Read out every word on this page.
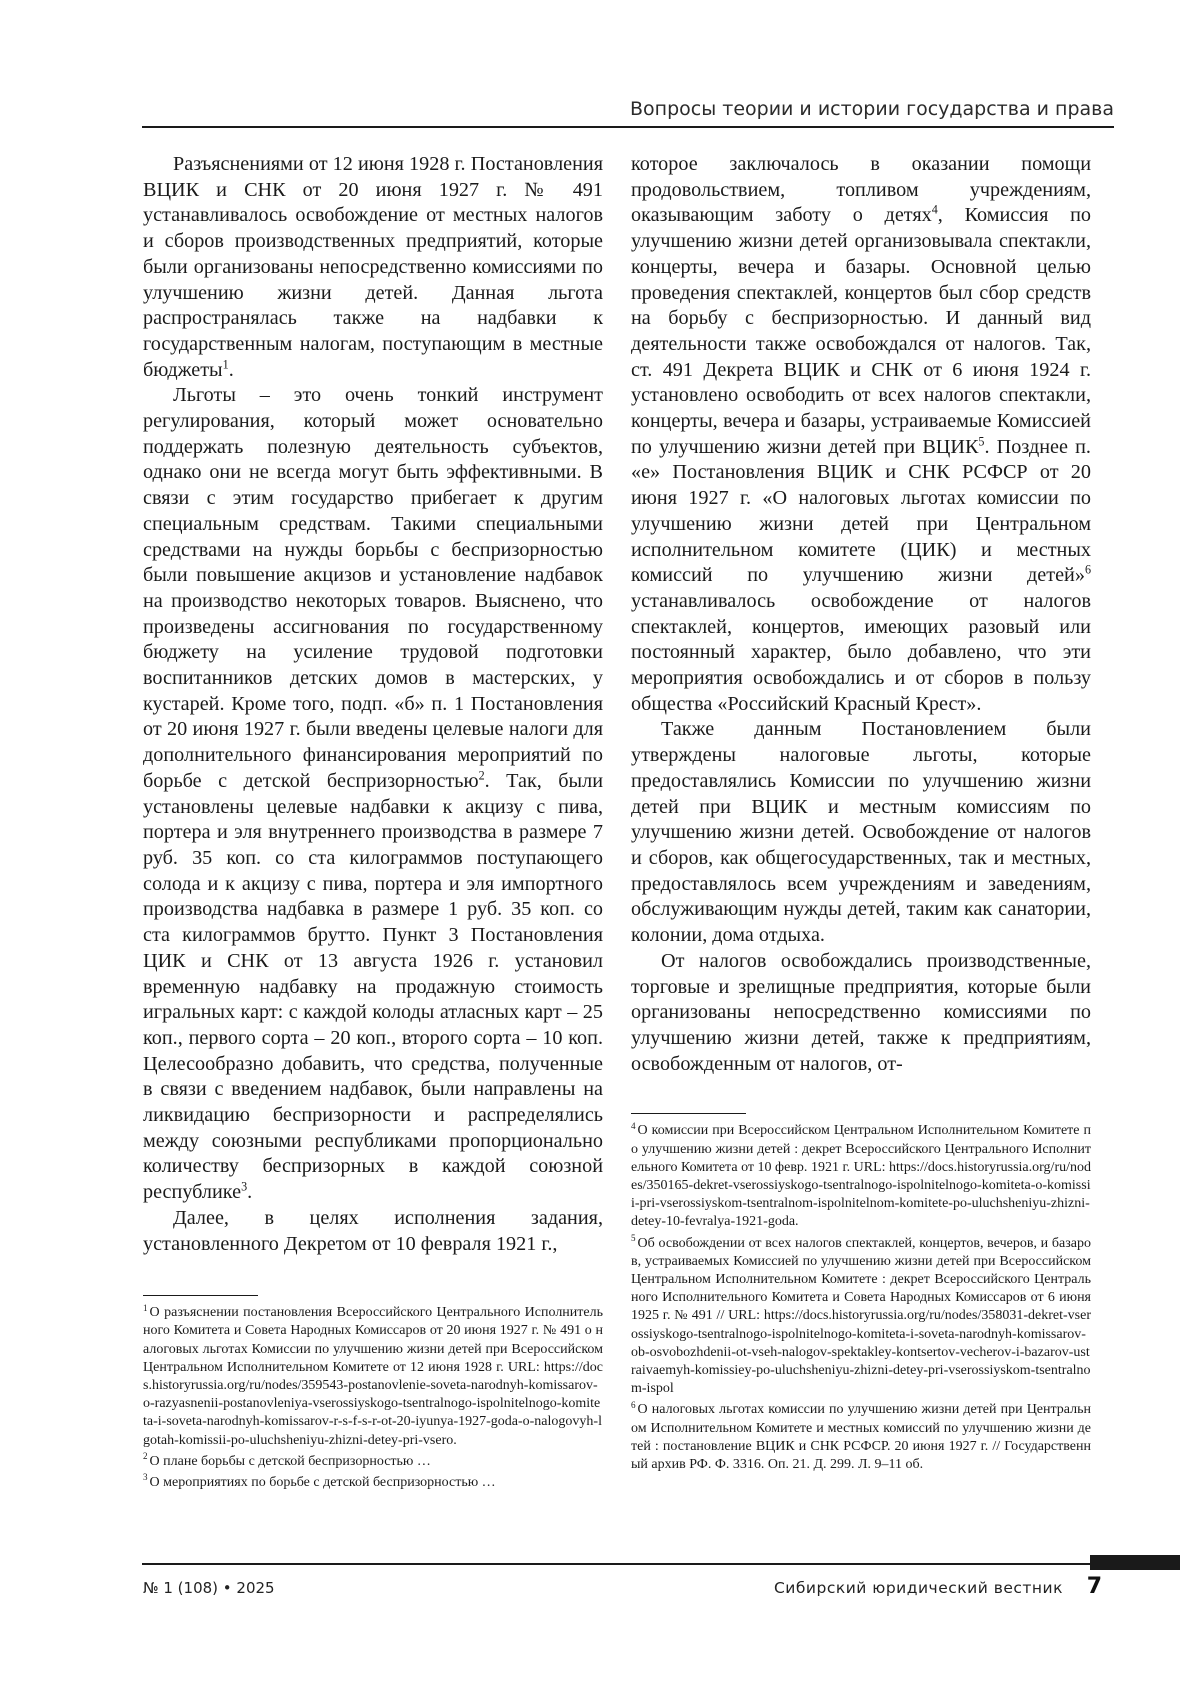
Вопросы теории и истории государства и права

Разъяснениями от 12 июня 1928 г. Постановления ВЦИК и СНК от 20 июня 1927 г. № 491 устанавливалось освобождение от местных налогов и сборов производственных предприятий, которые были организованы непосредственно комиссиями по улучшению жизни детей. Данная льгота распространялась также на надбавки к государственным налогам, поступающим в местные бюджеты$^1$.

Льготы – это очень тонкий инструмент регулирования, который может основательно поддержать полезную деятельность субъектов, однако они не всегда могут быть эффективными. В связи с этим государство прибегает к другим специальным средствам. Такими специальными средствами на нужды борьбы с беспризорностью были повышение акцизов и установление надбавок на производство некоторых товаров. Выяснено, что произведены ассигнования по государственному бюджету на усиление трудовой подготовки воспитанников детских домов в мастерских, у кустарей. Кроме того, подп. «б» п. 1 Постановления от 20 июня 1927 г. были введены целевые налоги для дополнительного финансирования мероприятий по борьбе с детской беспризорностью$^2$. Так, были установлены целевые надбавки к акцизу с пива, портера и эля внутреннего производства в размере 7 руб. 35 коп. со ста килограммов поступающего солода и к акцизу с пива, портера и эля импортного производства надбавка в размере 1 руб. 35 коп. со ста килограммов брутто. Пункт 3 Постановления ЦИК и СНК от 13 августа 1926 г. установил временную надбавку на продажную стоимость игральных карт: с каждой колоды атласных карт – 25 коп., первого сорта – 20 коп., второго сорта – 10 коп. Целесообразно добавить, что средства, полученные в связи с введением надбавок, были направлены на ликвидацию беспризорности и распределялись между союзными республиками пропорционально количеству беспризорных в каждой союзной республике$^3$.

Далее, в целях исполнения задания, установленного Декретом от 10 февраля 1921 г.,

$^1$ О разъяснении постановления Всероссийского Центрального Исполнительного Комитета и Совета Народных Комиссаров от 20 июня 1927 г. № 491 о налоговых льготах Комиссии по улучшению жизни детей при Всероссийском Центральном Исполнительном Комитете от 12 июня 1928 г. URL: https://docs.historyrussia.org/ru/nodes/359543-postanovlenie-soveta-narodnyh-komissarov-o-razyasnenii-postanovleniya-vserossiyskogo-tsentralnogo-ispolnitelnogo-komiteta-i-soveta-narodnyh-komissarov-r-s-f-s-r-ot-20-iyunya-1927-goda-o-nalogovyh-lgotah-komissii-po-uluchsheniyu-zhizni-detey-pri-vsero.

$^2$ О плане борьбы с детской беспризорностью …

$^3$ О мероприятиях по борьбе с детской беспризорностью …

которое заключалось в оказании помощи продовольствием, топливом учреждениям, оказывающим заботу о детях$^4$, Комиссия по улучшению жизни детей организовывала спектакли, концерты, вечера и базары. Основной целью проведения спектаклей, концертов был сбор средств на борьбу с беспризорностью. И данный вид деятельности также освобождался от налогов. Так, ст. 491 Декрета ВЦИК и СНК от 6 июня 1924 г. установлено освободить от всех налогов спектакли, концерты, вечера и базары, устраиваемые Комиссией по улучшению жизни детей при ВЦИК$^5$. Позднее п. «е» Постановления ВЦИК и СНК РСФСР от 20 июня 1927 г. «О налоговых льготах комиссии по улучшению жизни детей при Центральном исполнительном комитете (ЦИК) и местных комиссий по улучшению жизни детей»$^6$ устанавливалось освобождение от налогов спектаклей, концертов, имеющих разовый или постоянный характер, было добавлено, что эти мероприятия освобождались и от сборов в пользу общества «Российский Красный Крест».

Также данным Постановлением были утверждены налоговые льготы, которые предоставлялись Комиссии по улучшению жизни детей при ВЦИК и местным комиссиям по улучшению жизни детей. Освобождение от налогов и сборов, как общегосударственных, так и местных, предоставлялось всем учреждениям и заведениям, обслуживающим нужды детей, таким как санатории, колонии, дома отдыха.

От налогов освобождались производственные, торговые и зрелищные предприятия, которые были организованы непосредственно комиссиями по улучшению жизни детей, также к предприятиям, освобожденным от налогов, от-

$^4$ О комиссии при Всероссийском Центральном Исполнительном Комитете по улучшению жизни детей : декрет Всероссийского Центрального Исполнительного Комитета от 10 февр. 1921 г. URL: https://docs.historyrussia.org/ru/nodes/350165-dekret-vserossiyskogo-tsentralnogo-ispolnitelnogo-komiteta-o-komissii-pri-vserossiyskom-tsentralnom-ispolnitelnom-komitete-po-uluchsheniyu-zhizni-detey-10-fevralya-1921-goda.

$^5$ Об освобождении от всех налогов спектаклей, концертов, вечеров, и базаров, устраиваемых Комиссией по улучшению жизни детей при Всероссийском Центральном Исполнительном Комитете : декрет Всероссийского Центрального Исполнительного Комитета и Совета Народных Комиссаров от 6 июня 1925 г. № 491 // URL: https://docs.historyrussia.org/ru/nodes/358031-dekret-vserossiyskogo-tsentralnogo-ispolnitelnogo-komiteta-i-soveta-narodnyh-komissarov-ob-osvobozhdenii-ot-vseh-nalogov-spektakley-kontsertov-vecherov-i-bazarov-ustraivaemyh-komissiey-po-uluchsheniyu-zhizni-detey-pri-vserossiyskom-tsentralnom-ispol

$^6$ О налоговых льготах комиссии по улучшению жизни детей при Центральном Исполнительном Комитете и местных комиссий по улучшению жизни детей : постановление ВЦИК и СНК РСФСР. 20 июня 1927 г. // Государственный архив РФ. Ф. 3316. Оп. 21. Д. 299. Л. 9–11 об.

№ 1 (108) • 2025	Сибирский юридический вестник 7
